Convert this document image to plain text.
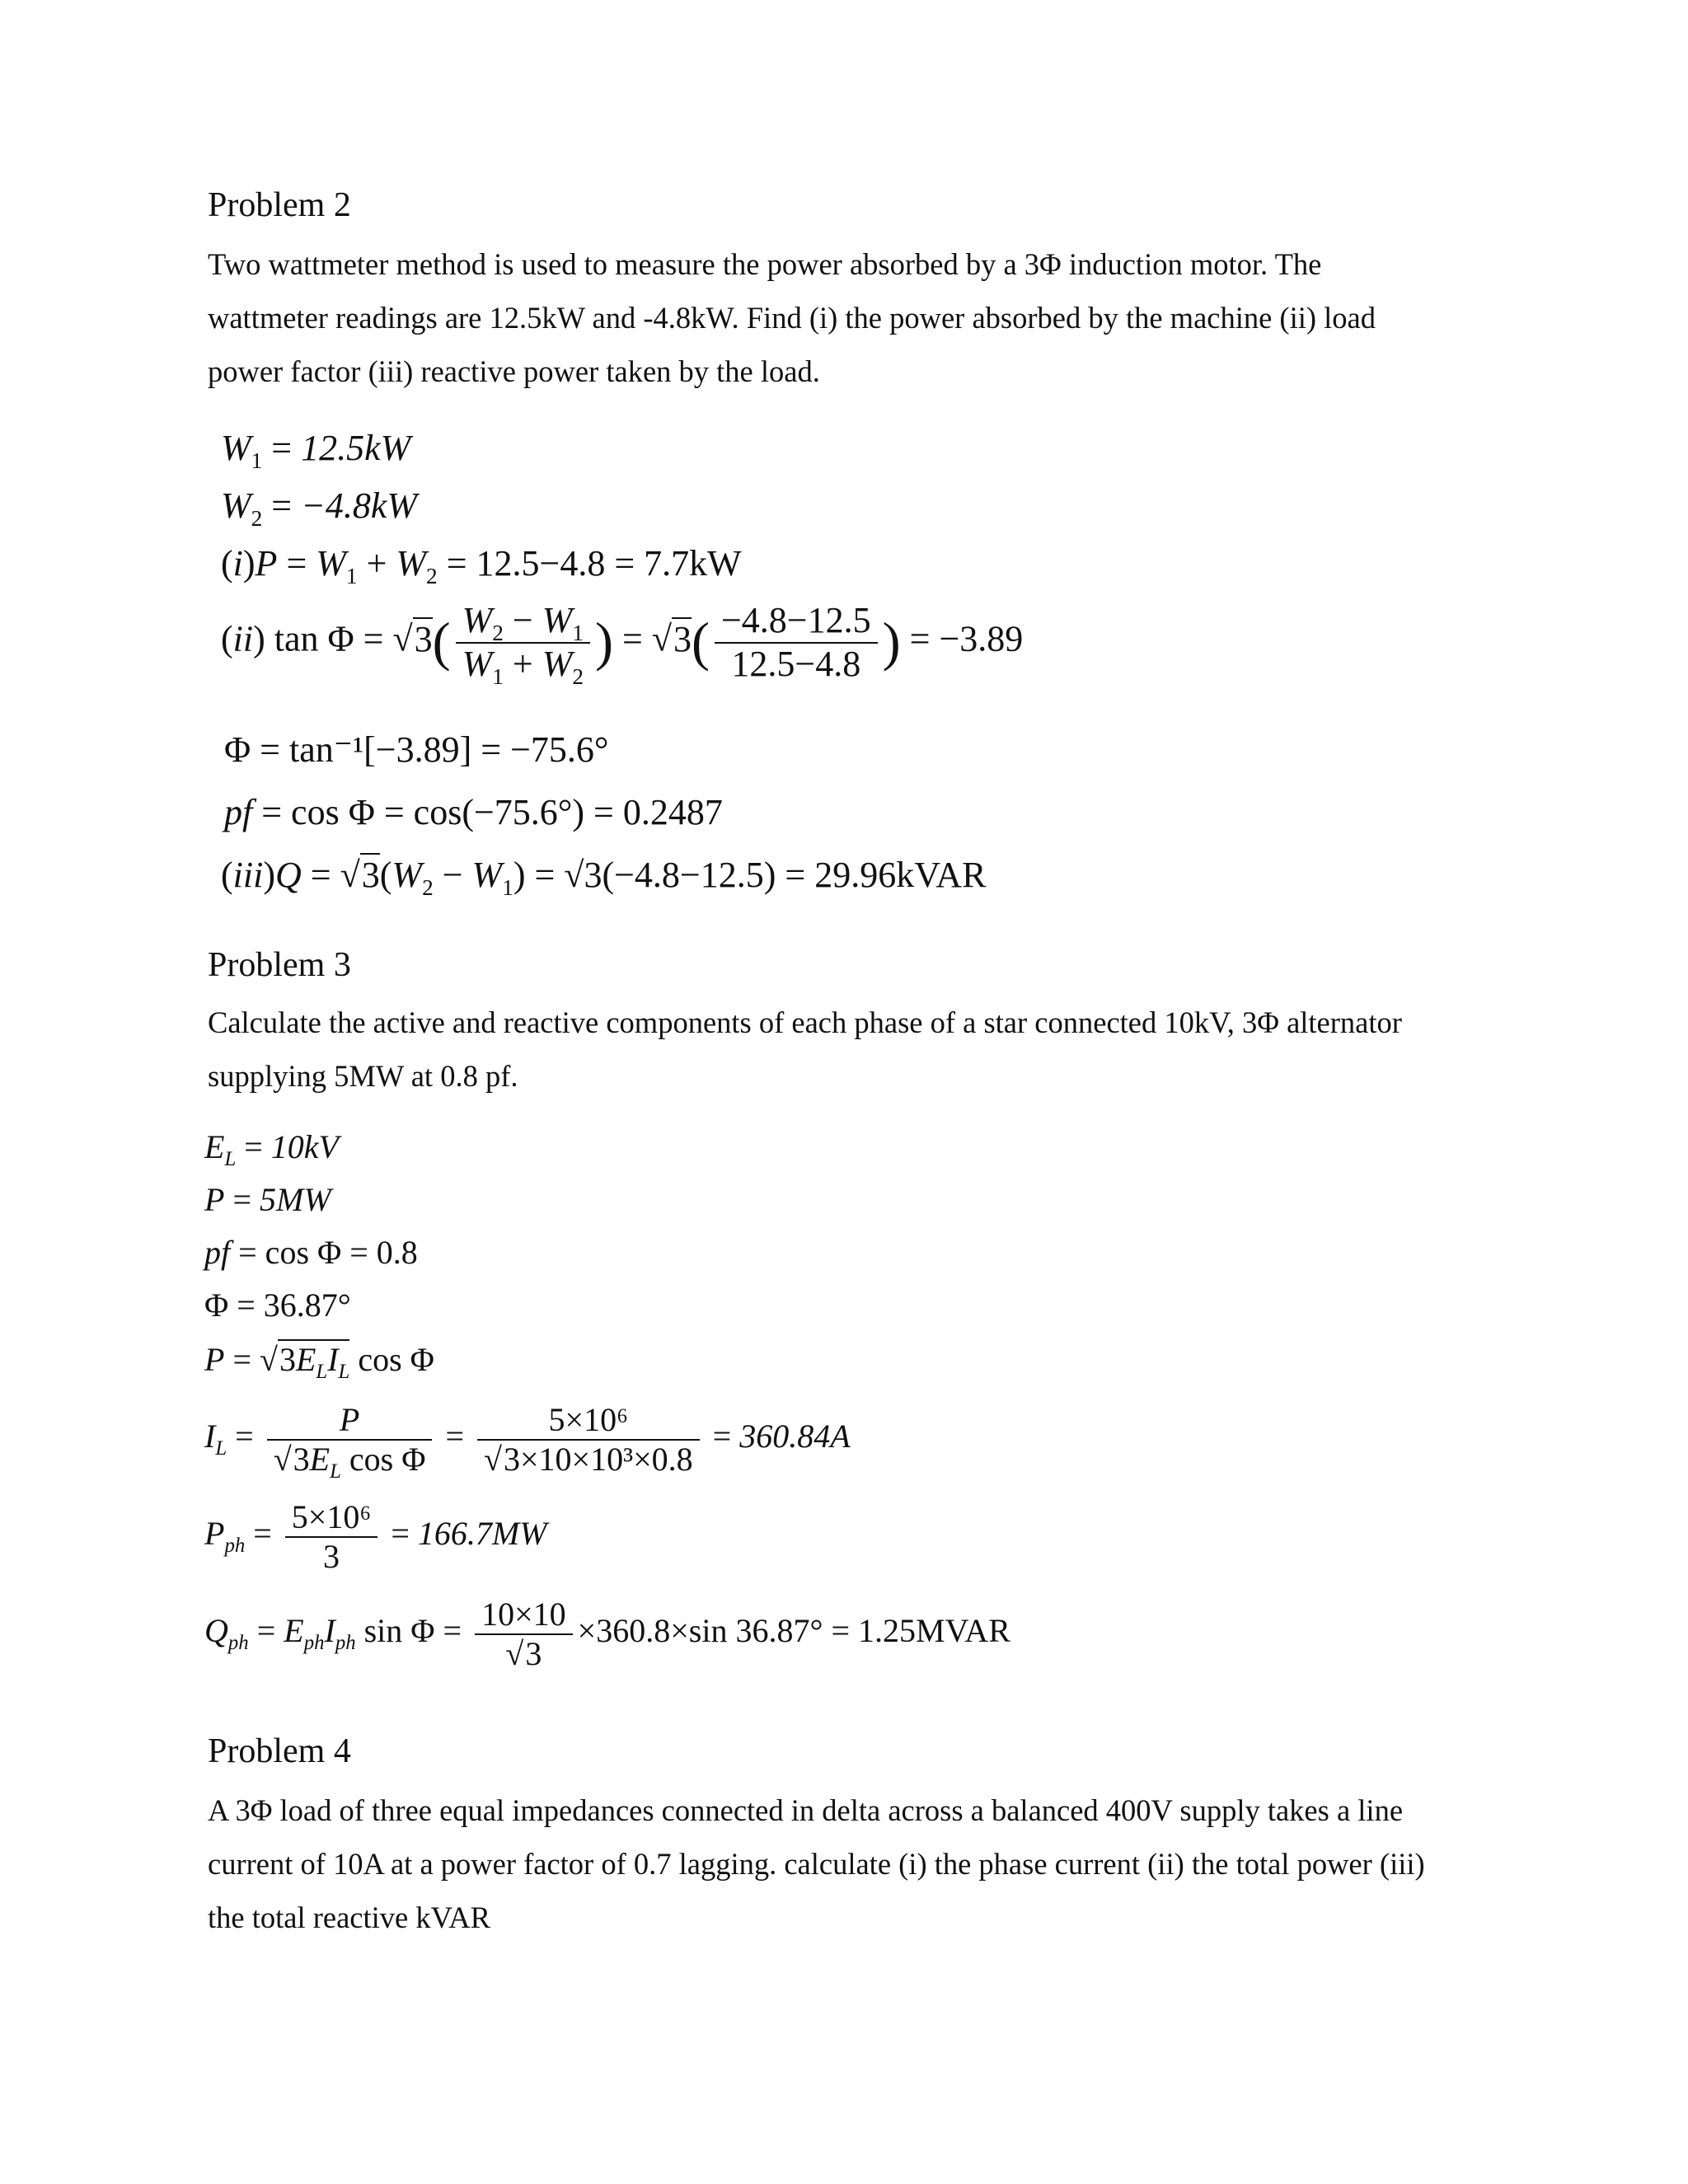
Problem 2

Two wattmeter method is used to measure the power absorbed by a 3Φ induction motor. The

wattmeter readings are 12.5kW and -4.8kW. Find (i) the power absorbed by the machine (ii) load

power factor (iii) reactive power taken by the load.

$W_1 = 12.5kW$
$W_2 = -4.8kW$
$(i)P = W_1 + W_2 = 12.5-4.8 = 7.7kW$
(ii) $\tan \Phi = √3( \frac{W_2 - W_1}{W_1 + W_2}$ ) = $√3( \frac{-4.8-12.5}{12.5-4.8}$ ) = −3.89
Φ = tan⁻¹[−3.89] = −75.6°
pf = cos Φ = cos(−75.6°) = 0.2487
$(iii)Q = √3(W_2 - W_1) = √3(-4.8-12.5)$ = 29.96kVAR
Problem 3

Calculate the active and reactive components of each phase of a star connected 10kV, 3Φ alternator

supplying 5MW at 0.8 pf.

$E_L = 10kV$
P = 5MW
pf = cos Φ = 0.8
Φ = 36.87°
$P = √3E_LI_L$ cos Φ
$I_L = \frac{P}{√3E_L \cos \Phi} = \frac{\text{5×10⁶}}{\text{√3×10×10³×0.8}} = 360.84A$
$P_{ph} = \frac{\text{5×10⁶}}{3} = 166.7MW$
$Q_{ph} = E_{ph}I_{ph}$ $\sin \Phi = \frac{10\times 10}{√3} \times 360.8\times\sin$ 36.87° = 1.25MVAR
Problem 4

A 3Φ load of three equal impedances connected in delta across a balanced 400V supply takes a line

current of 10A at a power factor of 0.7 lagging. calculate (i) the phase current (ii) the total power (iii)

the total reactive kVAR
